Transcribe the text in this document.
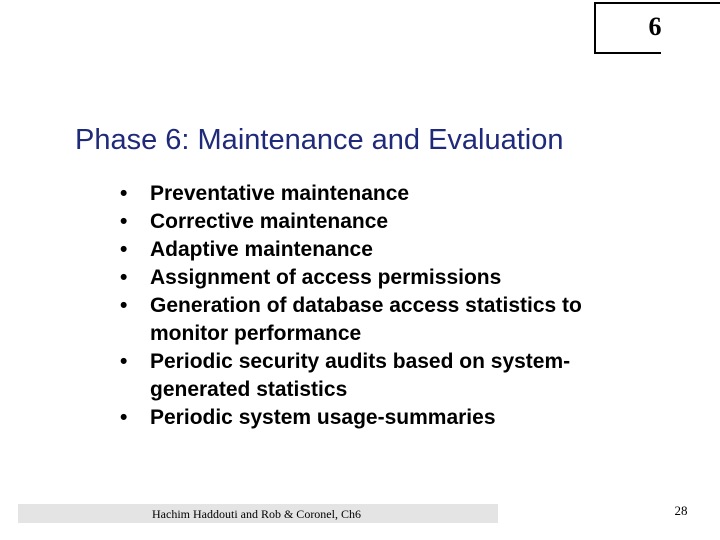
6
Phase 6: Maintenance and Evaluation
• Preventative maintenance
• Corrective maintenance
• Adaptive maintenance
• Assignment of access permissions
• Generation of database access statistics to
monitor performance
• Periodic security audits based on system-
generated statistics
• Periodic system usage-summaries
Hachim Haddouti and Rob & Coronel, Ch6	28
